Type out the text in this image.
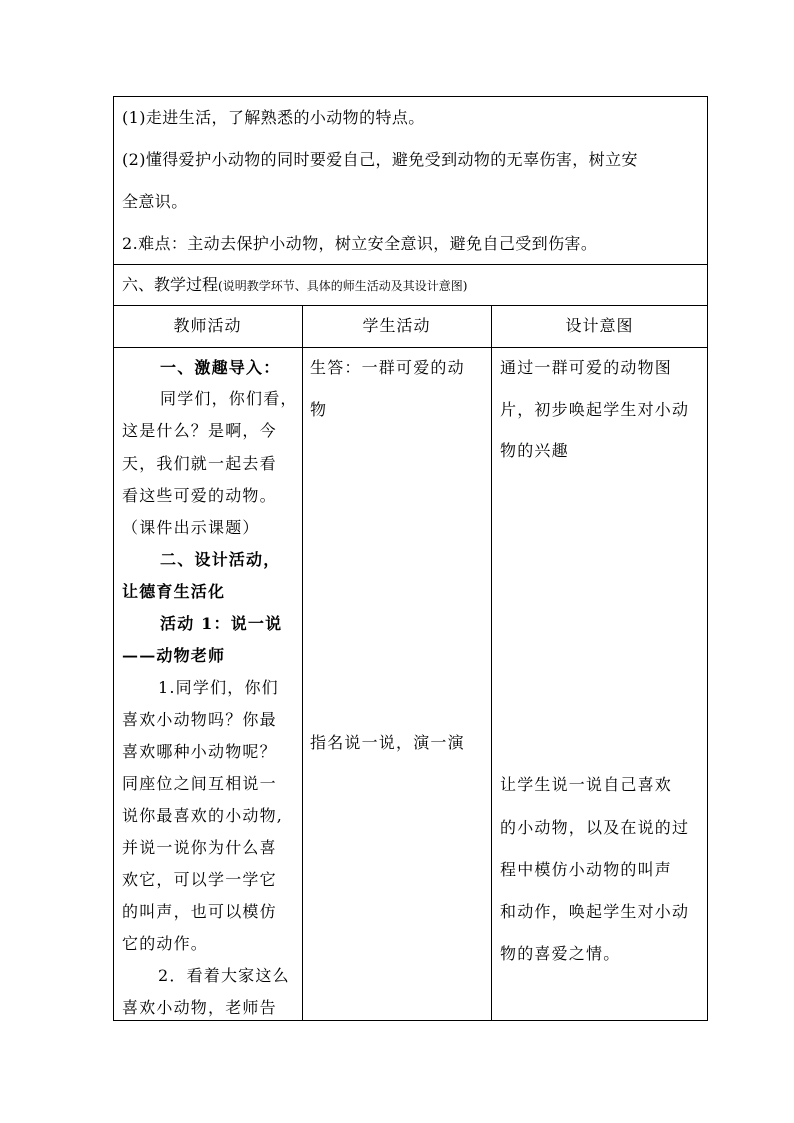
(1)走进生活，了解熟悉的小动物的特点。
(2)懂得爱护小动物的同时要爱自己，避免受到动物的无辜伤害，树立安
全意识。
2.难点：主动去保护小动物，树立安全意识，避免自己受到伤害。
六、教学过程(说明教学环节、具体的师生活动及其设计意图)
教师活动	学生活动	设计意图
一、激趣导入：
同学们，你们看，
这是什么？是啊，今
天，我们就一起去看
看这些可爱的动物。
（课件出示课题）
二、设计活动，
让德育生活化
活动 1：说一说
——动物老师
1.同学们，你们
喜欢小动物吗？你最
喜欢哪种小动物呢？
同座位之间互相说一
说你最喜欢的小动物,
并说一说你为什么喜
欢它，可以学一学它
的叫声，也可以模仿
它的动作。
2．看着大家这么
喜欢小动物，老师告
生答：一群可爱的动
物
指名说一说，演一演
通过一群可爱的动物图
片，初步唤起学生对小动
物的兴趣
让学生说一说自己喜欢
的小动物，以及在说的过
程中模仿小动物的叫声
和动作，唤起学生对小动
物的喜爱之情。
